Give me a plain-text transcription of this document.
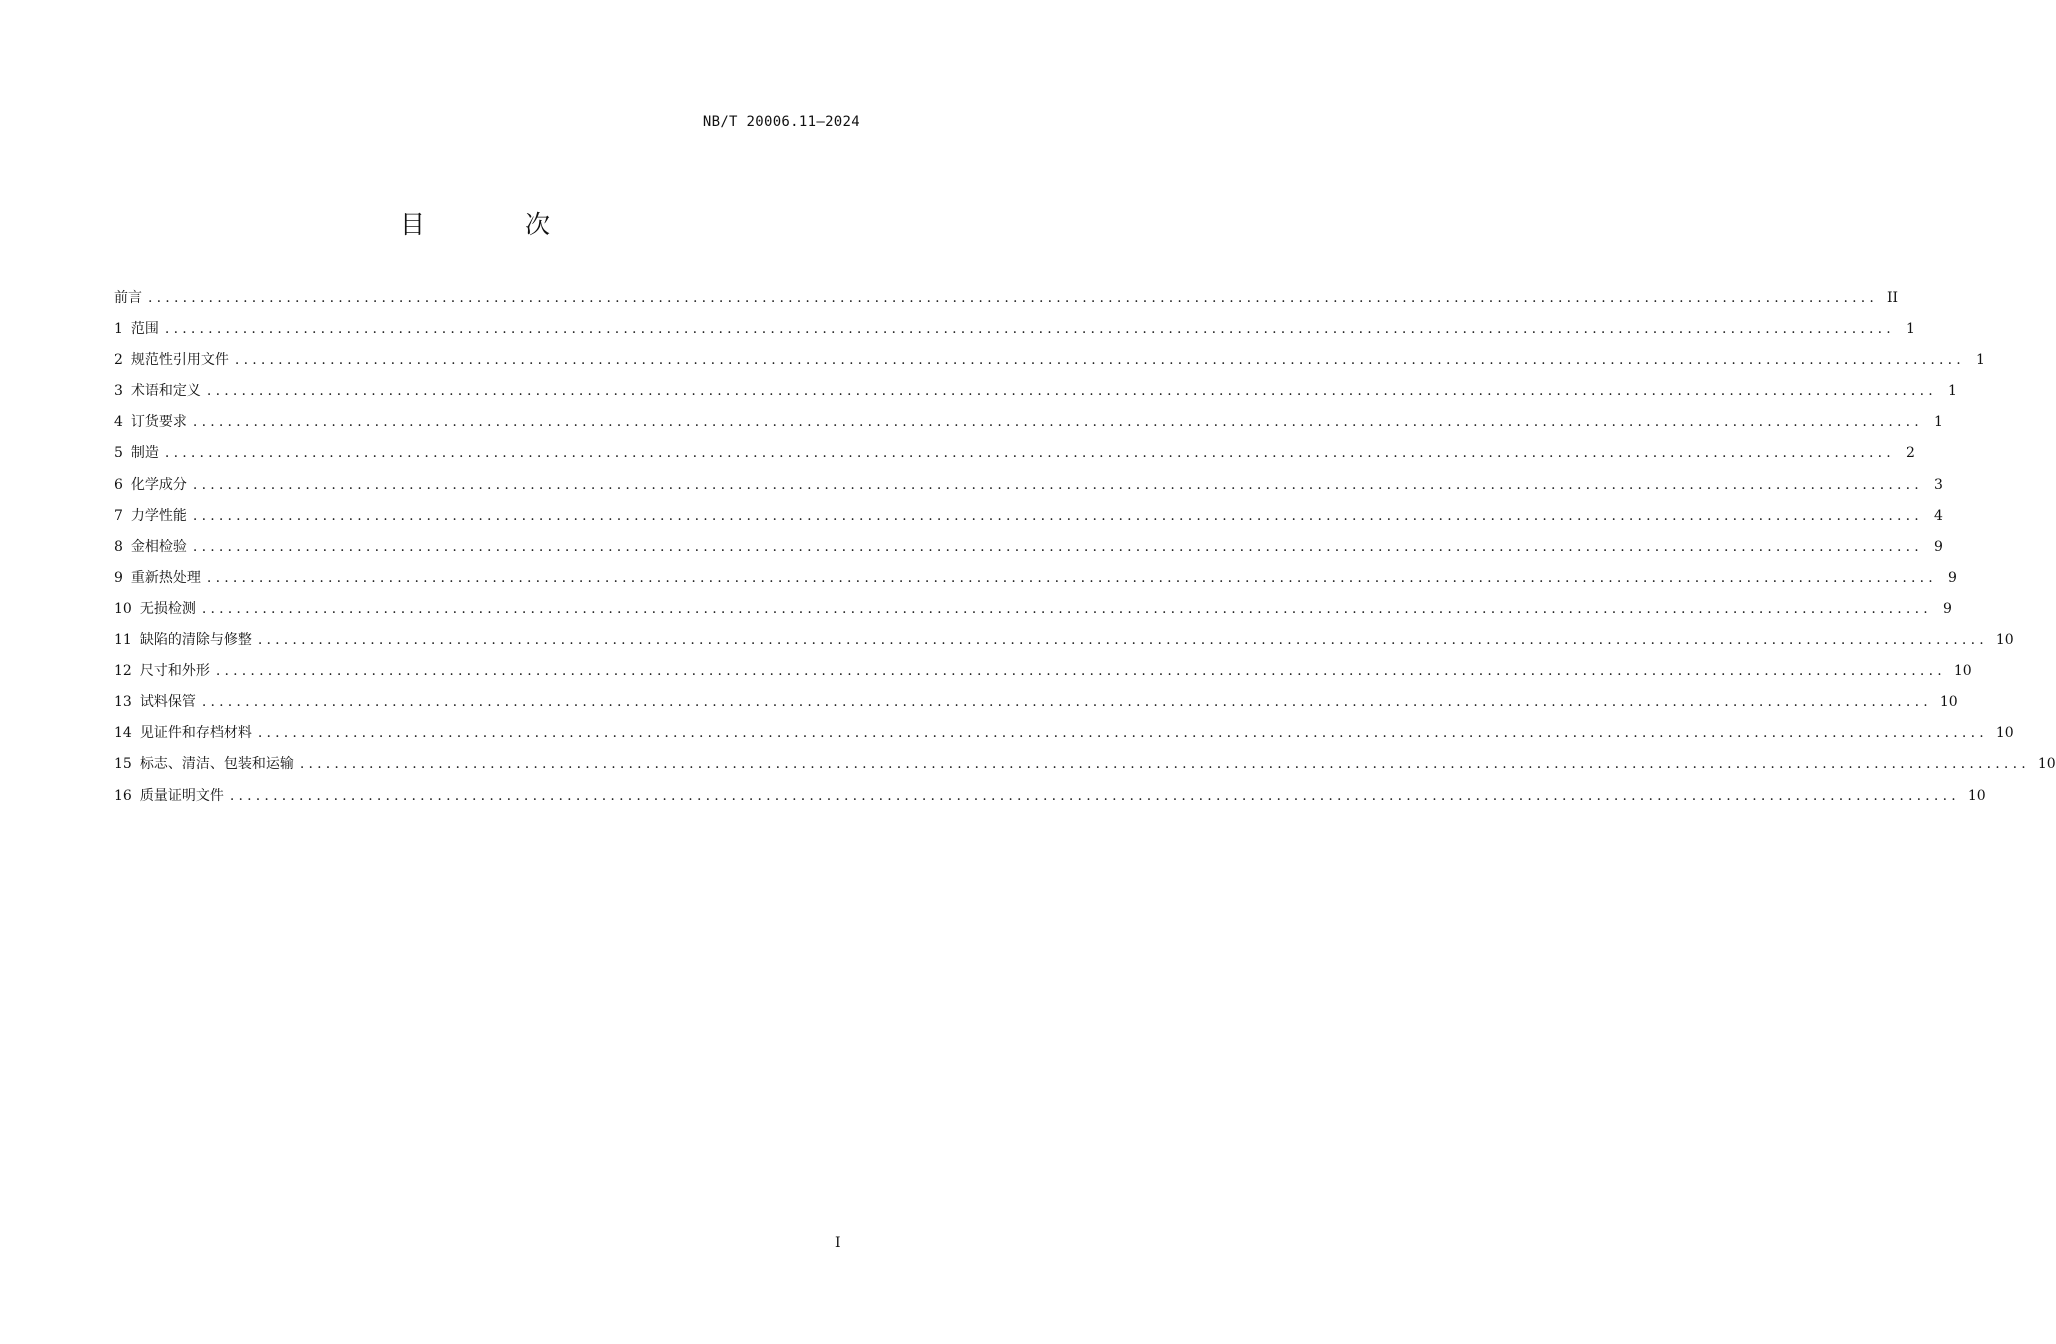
NB/T 20006.11—2024
目 次
前言 ........................................................................................................................................................................................................ II
1 范围 ........................................................................................................................................................................................................ 1
2 规范性引用文件 ........................................................................................................................................................................................................ 1
3 术语和定义 ........................................................................................................................................................................................................ 1
4 订货要求 ........................................................................................................................................................................................................ 1
5 制造 ........................................................................................................................................................................................................ 2
6 化学成分 ........................................................................................................................................................................................................ 3
7 力学性能 ........................................................................................................................................................................................................ 4
8 金相检验 ........................................................................................................................................................................................................ 9
9 重新热处理 ........................................................................................................................................................................................................ 9
10 无损检测 ........................................................................................................................................................................................................ 9
11 缺陷的清除与修整 ........................................................................................................................................................................................................ 10
12 尺寸和外形 ........................................................................................................................................................................................................ 10
13 试料保管 ........................................................................................................................................................................................................ 10
14 见证件和存档材料 ........................................................................................................................................................................................................ 10
15 标志、清洁、包装和运输 ........................................................................................................................................................................................................ 10
16 质量证明文件 ........................................................................................................................................................................................................ 10
I
